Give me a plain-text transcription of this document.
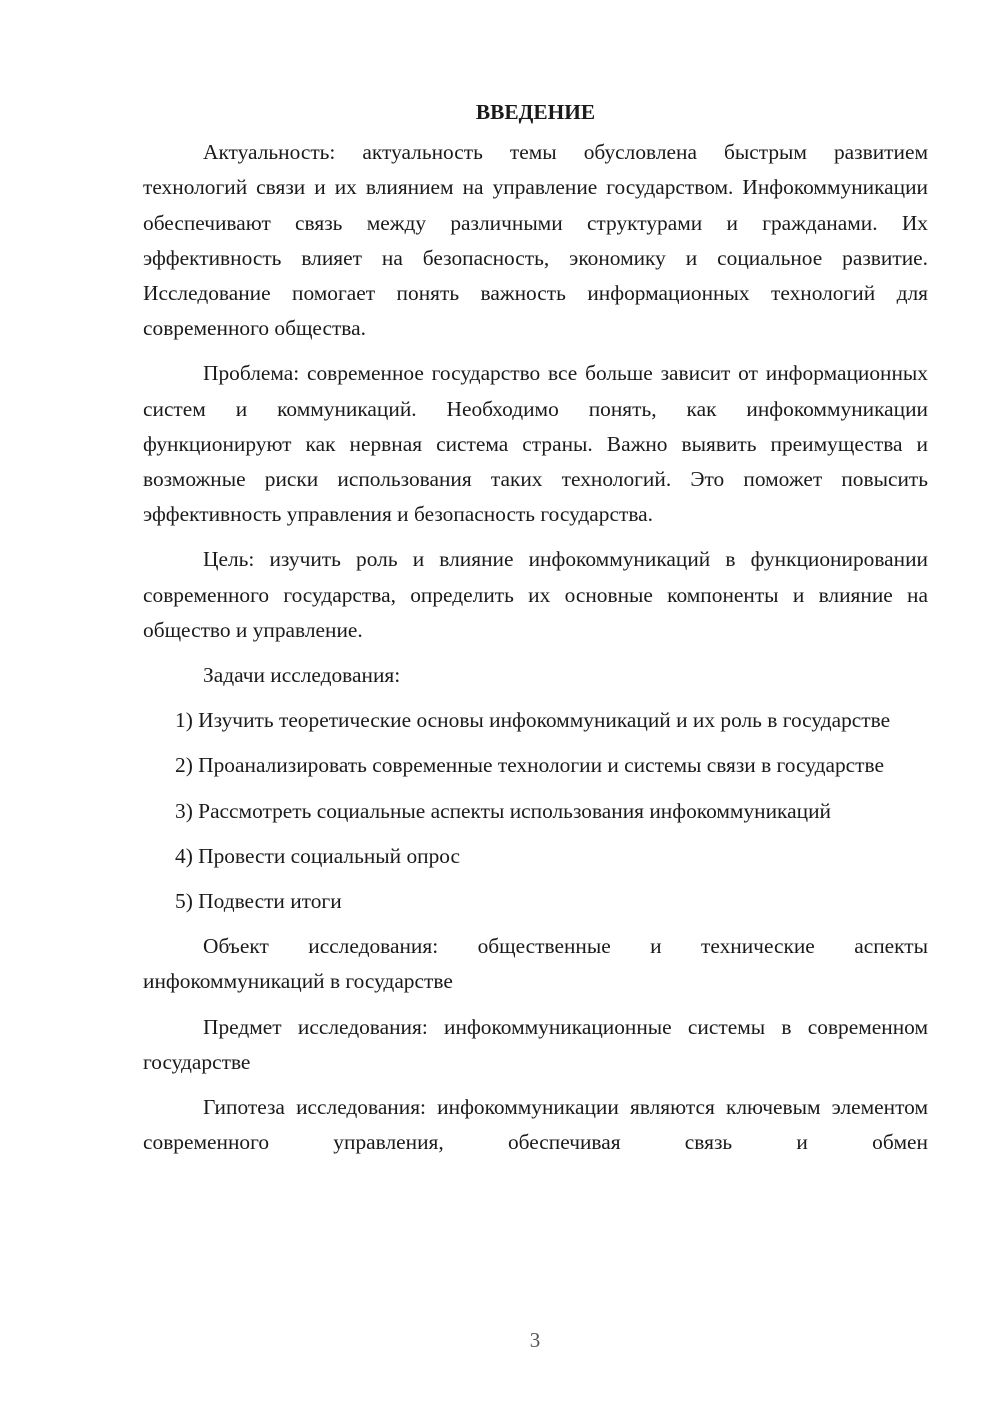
ВВЕДЕНИЕ

Актуальность: актуальность темы обусловлена быстрым развитием технологий связи и их влиянием на управление государством. Инфокоммуникации обеспечивают связь между различными структурами и гражданами. Их эффективность влияет на безопасность, экономику и социальное развитие. Исследование помогает понять важность информационных технологий для современного общества.

Проблема: современное государство все больше зависит от информационных систем и коммуникаций. Необходимо понять, как инфокоммуникации функционируют как нервная система страны. Важно выявить преимущества и возможные риски использования таких технологий. Это поможет повысить эффективность управления и безопасность государства.

Цель: изучить роль и влияние инфокоммуникаций в функционировании современного государства, определить их основные компоненты и влияние на общество и управление.

Задачи исследования:

1) Изучить теоретические основы инфокоммуникаций и их роль в государстве

2) Проанализировать современные технологии и системы связи в государстве

3) Рассмотреть социальные аспекты использования инфокоммуникаций

4) Провести социальный опрос

5) Подвести итоги

Объект исследования: общественные и технические аспекты инфокоммуникаций в государстве

Предмет исследования: инфокоммуникационные системы в современном государстве

Гипотеза исследования: инфокоммуникации являются ключевым элементом современного управления, обеспечивая связь и обмен

3
